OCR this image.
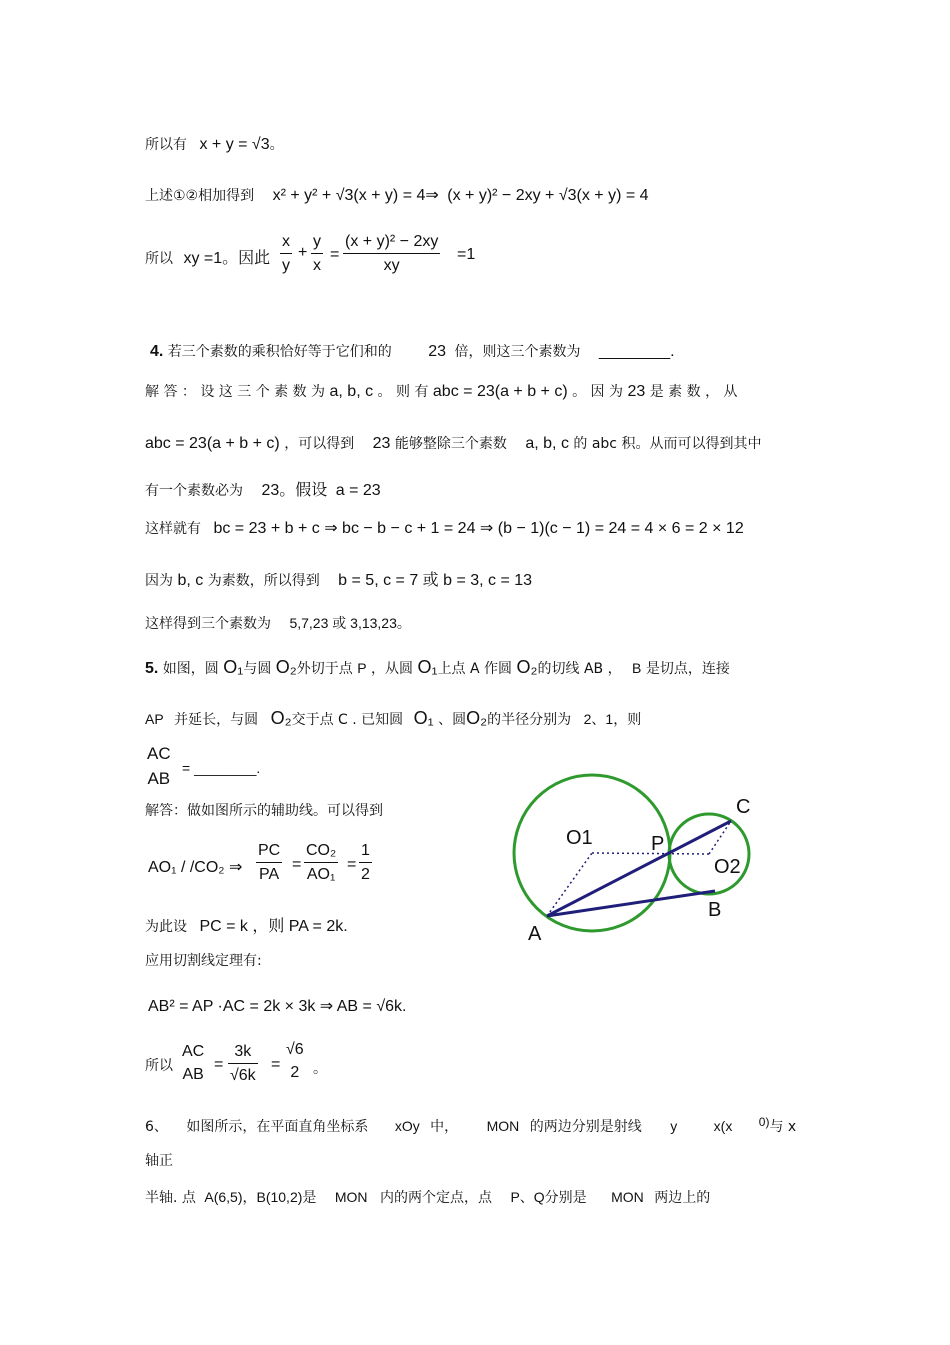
所以有 x + y = √3。
上述①②相加得到 x² + y² + √3(x + y) = 4⇒ (x + y)² − 2xy + √3(x + y) = 4
所以 xy =1。因此 $\frac{x}{y} + \frac{y}{x} = \frac{\text{(x + y)² − 2xy}}{xy} =1$
4. 若三个素数的乘积恰好等于它们和的 23 倍，则这三个素数为 ________.
解 答 ： 设 这 三 个 素 数 为 a, b, c 。 则 有 abc = 23(a + b + c) 。 因 为 23 是 素 数 ， 从
abc = 23(a + b + c) ，可以得到 23 能够整除三个素数 a, b, c 的 abc 积。从而可以得到其中
有一个素数必为 23。假设 a = 23
这样就有 bc = 23 + b + c ⇒ bc − b − c + 1 = 24 ⇒ (b − 1)(c − 1) = 24 = 4 × 6 = 2 × 12
因为 b, c 为素数，所以得到 b = 5, c = 7 或 b = 3, c = 13
这样得到三个素数为 5,7,23 或 3,13,23。
5. 如图，圆 O₁与圆 O₂外切于点 P ，从圆 O₁上点 A 作圆 O₂的切线 AB ， B 是切点，连接
AP 并延长，与圆 O₂交于点 C . 已知圆 O₁ 、圆O₂的半径分别为 2、1，则
AC
AB
= ________.
解答：做如图所示的辅助线。可以得到
AO₁ / /CO₂ ⇒ $\frac{PC}{PA} = \frac{\text{CO₂}}{\text{AO₁}} = \frac{1}{2}$
为此设 PC = k ，则 PA = 2k.
应用切割线定理有:
AB² = AP ·AC = 2k × 3k ⇒ AB = √6k.
所以
AC
AB
= $\frac{3k}{√6k}$ =
√6
2 。
O1
O2
P
A
B
C
6、 如图所示，在平面直角坐标系 xOy 中， MON 的两边分别是射线 y	x(x 0)与 x
轴正
半轴. 点 A(6,5)，B(10,2)是 MON 内的两个定点，点 P、Q分别是 MON 两边上的
